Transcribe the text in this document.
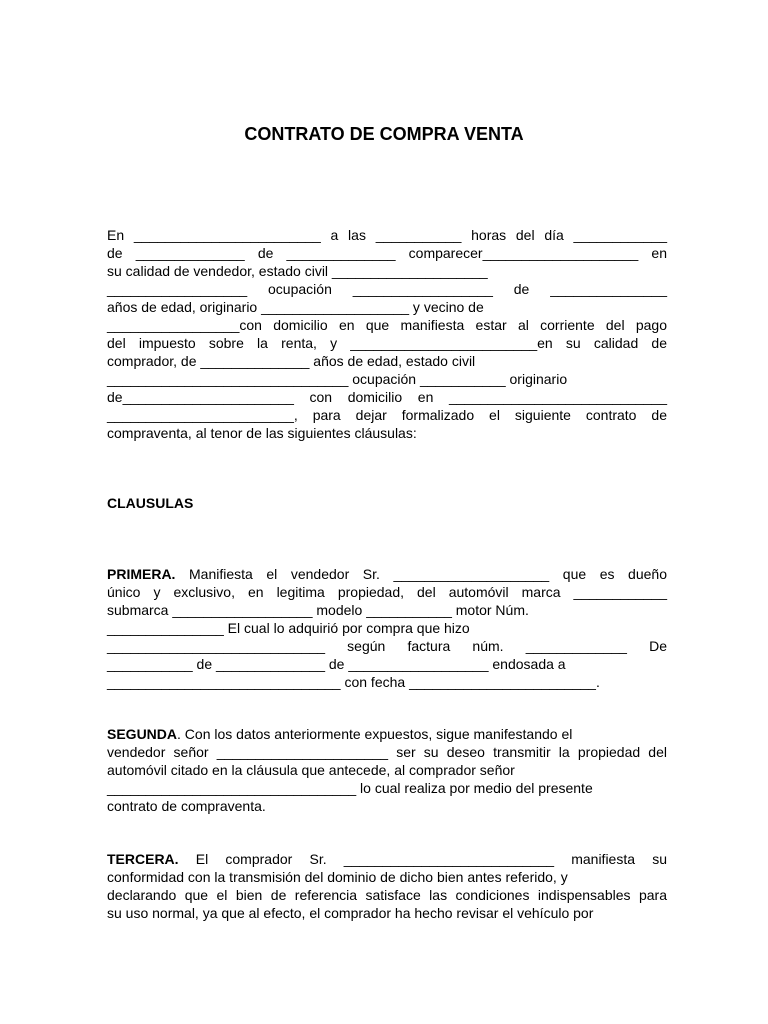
CONTRATO DE COMPRA VENTA
En ________________________ a las ___________ horas del día ____________
de ______________ de ______________ comparecer____________________ en
su calidad de vendedor, estado civil ____________________
__________________ ocupación __________________ de _______________
años de edad, originario ___________________ y vecino de
_________________con domicilio en que manifiesta estar al corriente del pago
del impuesto sobre la renta, y ________________________en su calidad de
comprador, de ______________ años de edad, estado civil
_______________________________ ocupación ___________ originario
de______________________ con domicilio en ____________________________
________________________, para dejar formalizado el siguiente contrato de
compraventa, al tenor de las siguientes cláusulas:

CLAUSULAS

PRIMERA. Manifiesta el vendedor Sr. ____________________ que es dueño
único y exclusivo, en legitima propiedad, del automóvil marca ____________
submarca __________________ modelo ___________ motor Núm.
_______________ El cual lo adquirió por compra que hizo
____________________________ según factura núm. _____________ De
___________ de ______________ de __________________ endosada a
______________________________ con fecha ________________________.
SEGUNDA. Con los datos anteriormente expuestos, sigue manifestando el
vendedor señor ______________________ ser su deseo transmitir la propiedad del
automóvil citado en la cláusula que antecede, al comprador señor
________________________________ lo cual realiza por medio del presente
contrato de compraventa.
TERCERA. El comprador Sr. ___________________________ manifiesta su
conformidad con la transmisión del dominio de dicho bien antes referido, y
declarando que el bien de referencia satisface las condiciones indispensables para
su uso normal, ya que al efecto, el comprador ha hecho revisar el vehículo por
